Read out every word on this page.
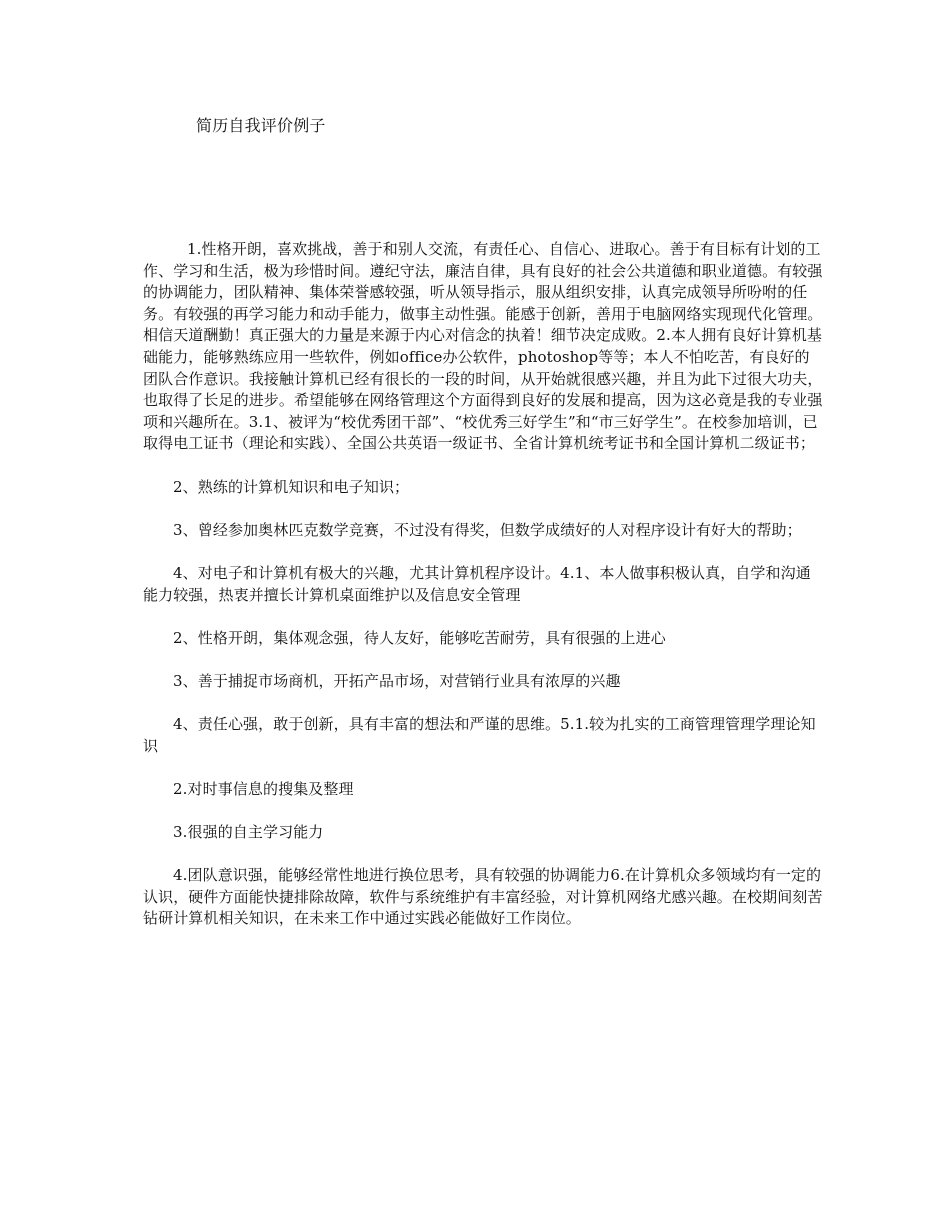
简历自我评价例子

1.性格开朗，喜欢挑战，善于和别人交流，有责任心、自信心、进取心。善于有目标有计划的工作、学习和生活，极为珍惜时间。遵纪守法，廉洁自律，具有良好的社会公共道德和职业道德。有较强的协调能力，团队精神、集体荣誉感较强，听从领导指示，服从组织安排，认真完成领导所吩咐的任务。有较强的再学习能力和动手能力，做事主动性强。能感于创新，善用于电脑网络实现现代化管理。相信天道酬勤！真正强大的力量是来源于内心对信念的执着！细节决定成败。2.本人拥有良好计算机基础能力，能够熟练应用一些软件，例如office办公软件，photoshop等等；本人不怕吃苦，有良好的团队合作意识。我接触计算机已经有很长的一段的时间，从开始就很感兴趣，并且为此下过很大功夫，也取得了长足的进步。希望能够在网络管理这个方面得到良好的发展和提高，因为这必竟是我的专业强项和兴趣所在。3.1、被评为“校优秀团干部”、“校优秀三好学生”和“市三好学生”。在校参加培训，已取得电工证书（理论和实践）、全国公共英语一级证书、全省计算机统考证书和全国计算机二级证书；

2、熟练的计算机知识和电子知识；

3、曾经参加奥林匹克数学竞赛，不过没有得奖，但数学成绩好的人对程序设计有好大的帮助；

4、对电子和计算机有极大的兴趣，尤其计算机程序设计。4.1、本人做事积极认真，自学和沟通能力较强，热衷并擅长计算机桌面维护以及信息安全管理

2、性格开朗，集体观念强，待人友好，能够吃苦耐劳，具有很强的上进心

3、善于捕捉市场商机，开拓产品市场，对营销行业具有浓厚的兴趣

4、责任心强，敢于创新，具有丰富的想法和严谨的思维。5.1.较为扎实的工商管理管理学理论知识

2.对时事信息的搜集及整理

3.很强的自主学习能力

4.团队意识强，能够经常性地进行换位思考，具有较强的协调能力6.在计算机众多领域均有一定的认识，硬件方面能快捷排除故障，软件与系统维护有丰富经验，对计算机网络尤感兴趣。在校期间刻苦钻研计算机相关知识，在未来工作中通过实践必能做好工作岗位。
